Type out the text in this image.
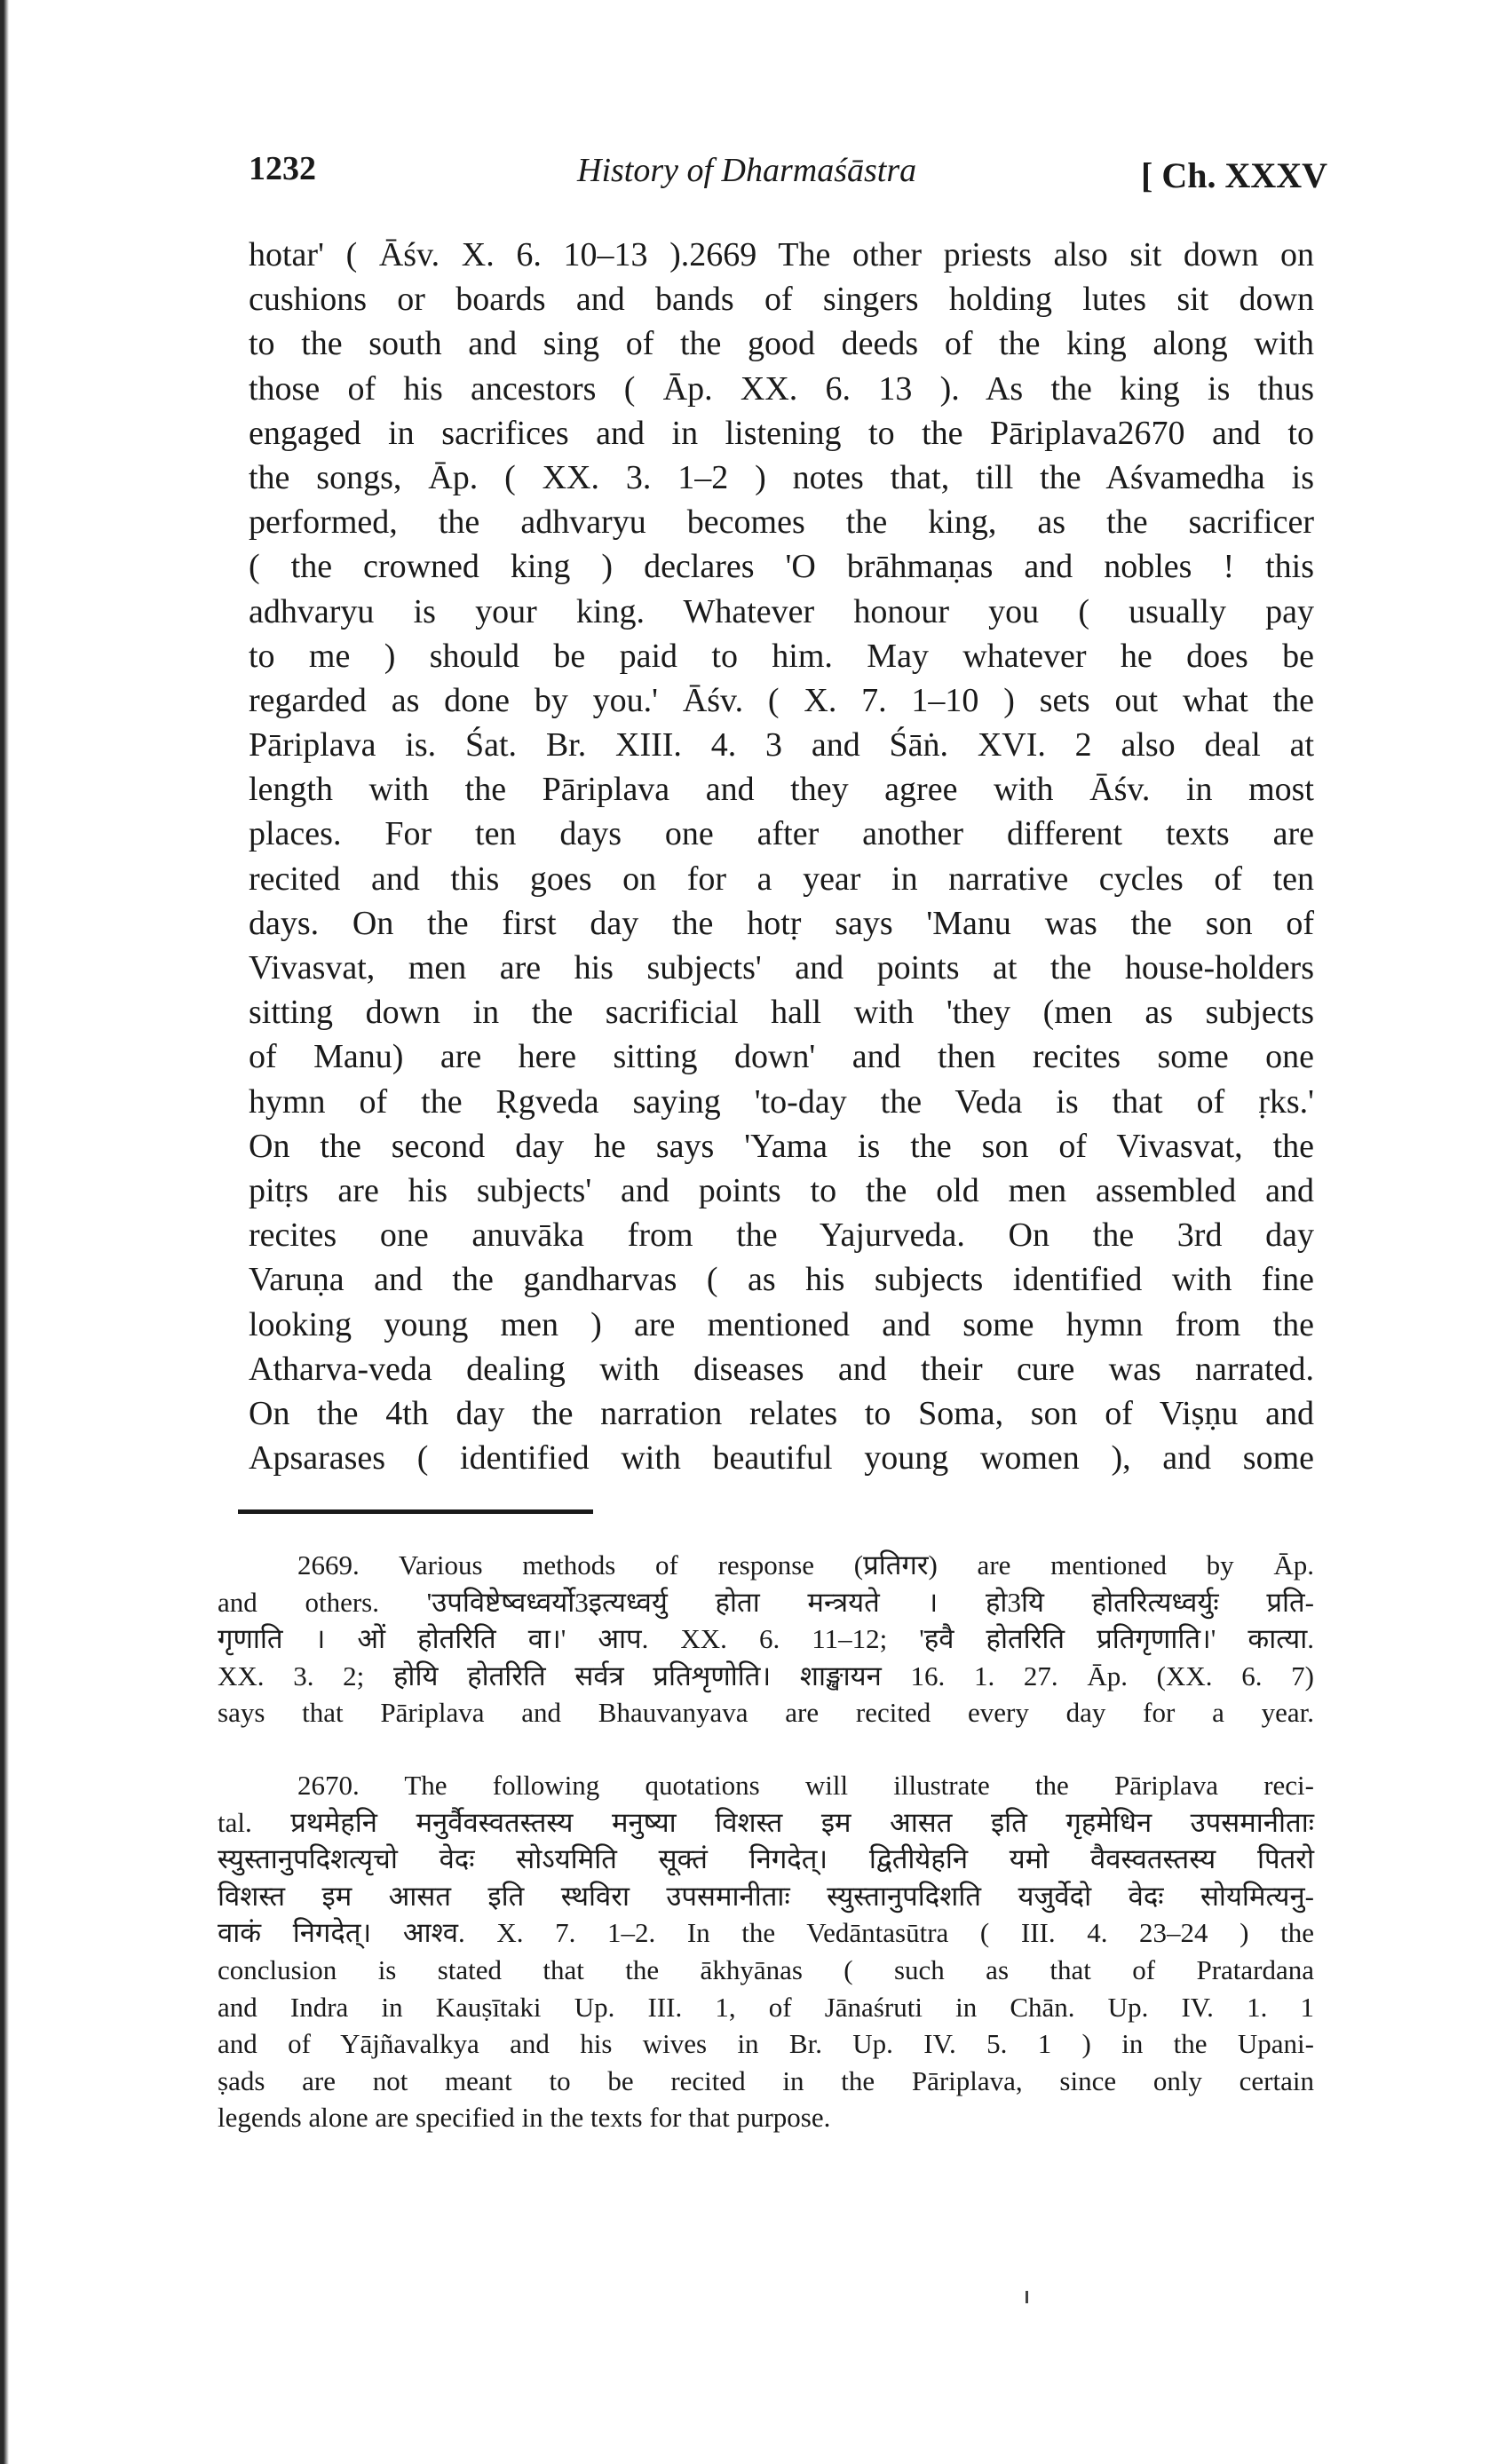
1232	History of Dharmaśāstra	[ Ch. XXXV
hotar' ( Āśv. X. 6. 10–13 ).2669 The other priests also sit down on
cushions or boards and bands of singers holding lutes sit down
to the south and sing of the good deeds of the king along with
those of his ancestors ( Āp. XX. 6. 13 ). As the king is thus
engaged in sacrifices and in listening to the Pāriplava2670 and to
the songs, Āp. ( XX. 3. 1–2 ) notes that, till the Aśvamedha is
performed, the adhvaryu becomes the king, as the sacrificer
( the crowned king ) declares 'O brāhmaṇas and nobles ! this
adhvaryu is your king. Whatever honour you ( usually pay
to me ) should be paid to him. May whatever he does be
regarded as done by you.' Āśv. ( X. 7. 1–10 ) sets out what the
Pāriplava is. Śat. Br. XIII. 4. 3 and Śāṅ. XVI. 2 also deal at
length with the Pāriplava and they agree with Āśv. in most
places. For ten days one after another different texts are
recited and this goes on for a year in narrative cycles of ten
days. On the first day the hotṛ says 'Manu was the son of
Vivasvat, men are his subjects' and points at the house-holders
sitting down in the sacrificial hall with 'they (men as subjects
of Manu) are here sitting down' and then recites some one
hymn of the Ṛgveda saying 'to-day the Veda is that of ṛks.'
On the second day he says 'Yama is the son of Vivasvat, the
pitṛs are his subjects' and points to the old men assembled and
recites one anuvāka from the Yajurveda. On the 3rd day
Varuṇa and the gandharvas ( as his subjects identified with fine
looking young men ) are mentioned and some hymn from the
Atharva-veda dealing with diseases and their cure was narrated.
On the 4th day the narration relates to Soma, son of Viṣṇu and
Apsarases ( identified with beautiful young women ), and some
2669. Various methods of response (प्रतिगर) are mentioned by Āp.
and others. 'उपविष्टेष्वध्वर्यो3इत्यध्वर्यु होता मन्त्रयते । हो3यि होतरित्यध्वर्युः प्रति-
गृणाति । ओं होतरिति वा।' आप. XX. 6. 11–12; 'हवै होतरिति प्रतिगृणाति।' कात्या.
XX. 3. 2; होयि होतरिति सर्वत्र प्रतिशृणोति। शाङ्खायन 16. 1. 27. Āp. (XX. 6. 7)
says that Pāriplava and Bhauvanyava are recited every day for a year.
2670. The following quotations will illustrate the Pāriplava reci-
tal. प्रथमेहनि मनुर्वैवस्वतस्तस्य मनुष्या विशस्त इम आसत इति गृहमेधिन उपसमानीताः
स्युस्तानुपदिशत्यृचो वेदः सोऽयमिति सूक्तं निगदेत्। द्वितीयेहनि यमो वैवस्वतस्तस्य पितरो
विशस्त इम आसत इति स्थविरा उपसमानीताः स्युस्तानुपदिशति यजुर्वेदो वेदः सोयमित्यनु-
वाकं निगदेत्। आश्व. X. 7. 1–2. In the Vedāntasūtra ( III. 4. 23–24 ) the
conclusion is stated that the ākhyānas ( such as that of Pratardana
and Indra in Kauṣītaki Up. III. 1, of Jānaśruti in Chān. Up. IV. 1. 1
and of Yājñavalkya and his wives in Br. Up. IV. 5. 1 ) in the Upani-
ṣads are not meant to be recited in the Pāriplava, since only certain
legends alone are specified in the texts for that purpose.
